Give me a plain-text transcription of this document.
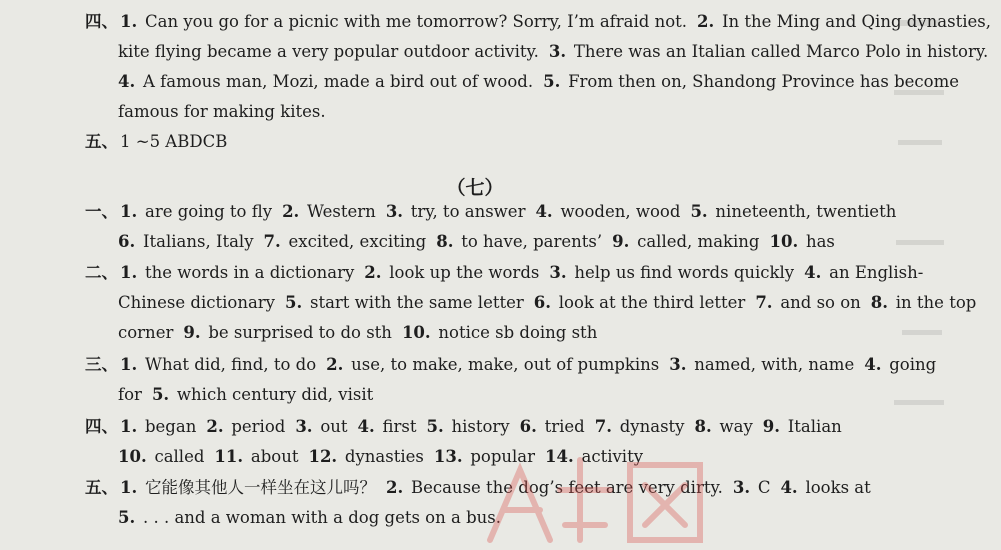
四、 1. Can you go for a picnic with me tomorrow? Sorry, I’m afraid not. 2. In the Ming and Qing dynasties,
kite flying became a very popular outdoor activity. 3. There was an Italian called Marco Polo in history.
4. A famous man, Mozi, made a bird out of wood. 5. From then on, Shandong Province has become
famous for making kites.
五、 1 ~5 ABDCB
一、 1. are going to fly 2. Western 3. try, to answer 4. wooden, wood 5. nineteenth, twentieth
6. Italians, Italy 7. excited, exciting 8. to have, parents’ 9. called, making 10. has
二、 1. the words in a dictionary 2. look up the words 3. help us find words quickly 4. an English-
Chinese dictionary 5. start with the same letter 6. look at the third letter 7. and so on 8. in the top
corner 9. be surprised to do sth 10. notice sb doing sth
三、 1. What did, find, to do 2. use, to make, make, out of pumpkins 3. named, with, name 4. going
for 5. which century did, visit
四、 1. began 2. period 3. out 4. first 5. history 6. tried 7. dynasty 8. way 9. Italian
10. called 11. about 12. dynasties 13. popular 14. activity
五、 1. 它能像其他人一样坐在这儿吗？ 2. Because the dog’s feet are very dirty. 3. C 4. looks at
5. . . . and a woman with a dog gets on a bus.
（七）
